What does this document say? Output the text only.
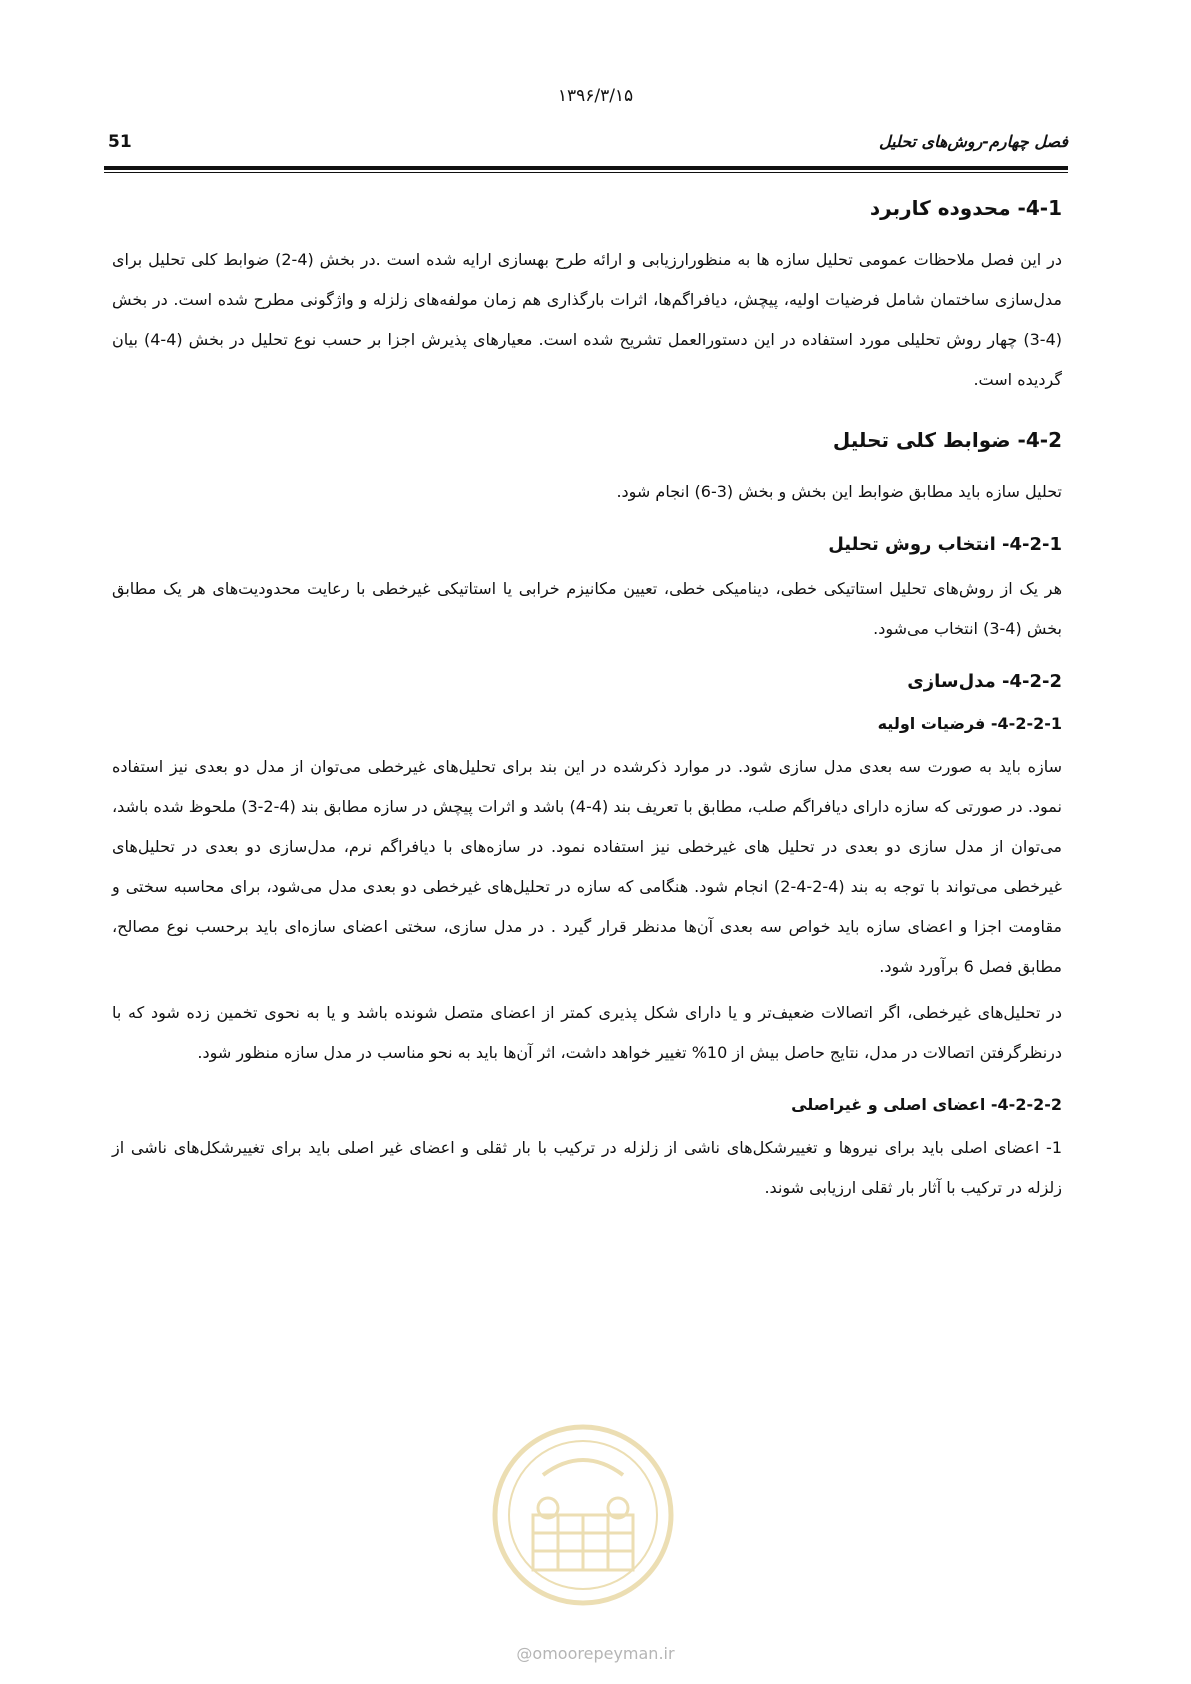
۱۳۹۶/۳/۱۵
51	فصل چهارم-روش‌های تحلیل
4-1- محدوده کاربرد

در این فصل ملاحظات عمومی تحلیل سازه ها به منظورارزیابی و ارائه طرح بهسازی ارایه شده است .در بخش (4-2) ضوابط کلی تحلیل برای مدل‌سازی ساختمان شامل فرضیات اولیه، پیچش، دیافراگم‌ها، اثرات بارگذاری هم زمان مولفه‌های زلزله و واژگونی مطرح شده است. در بخش (4-3) چهار روش تحلیلی مورد استفاده در این دستورالعمل تشریح شده است. معیارهای پذیرش اجزا بر حسب نوع تحلیل در بخش (4-4) بیان گردیده است.

4-2- ضوابط کلی تحلیل

تحلیل سازه باید مطابق ضوابط این بخش و بخش (3-6) انجام شود.

4-2-1- انتخاب روش تحلیل

هر یک از روش‌های تحلیل استاتیکی خطی، دینامیکی خطی، تعیین مکانیزم خرابی یا استاتیکی غیرخطی با رعایت محدودیت‌های هر یک مطابق بخش (4-3) انتخاب می‌شود.

4-2-2- مدل‌سازی
4-2-2-1- فرضیات اولیه

سازه باید به صورت سه بعدی مدل سازی شود. در موارد ذکرشده در این بند برای تحلیل‌های غیرخطی می‌توان از مدل دو بعدی نیز استفاده نمود. در صورتی که سازه دارای دیافراگم صلب، مطابق با تعریف بند (4-4) باشد و اثرات پیچش در سازه مطابق بند (4-2-3) ملحوظ شده باشد، می‌توان از مدل سازی دو بعدی در تحلیل های غیرخطی نیز استفاده نمود. در سازه‌های با دیافراگم نرم، مدل‌سازی دو بعدی در تحلیل‌های غیرخطی می‌تواند با توجه به بند (4-2-4-2) انجام شود. هنگامی که سازه در تحلیل‌های غیرخطی دو بعدی مدل می‌شود، برای محاسبه سختی و مقاومت اجزا و اعضای سازه باید خواص سه بعدی آن‌ها مدنظر قرار گیرد . در مدل سازی، سختی اعضای سازه‌ای باید برحسب نوع مصالح، مطابق فصل 6 برآورد شود.

در تحلیل‌های غیرخطی، اگر اتصالات ضعیف‌تر و یا دارای شکل پذیری کمتر از اعضای متصل شونده باشد و یا به نحوی تخمین زده شود که با درنظرگرفتن اتصالات در مدل، نتایج حاصل بیش از 10% تغییر خواهد داشت، اثر آن‌ها باید به نحو مناسب در مدل سازه منظور شود.

4-2-2-2- اعضای اصلی و غیراصلی
1- اعضای اصلی باید برای نیروها و تغییرشکل‌های ناشی از زلزله در ترکیب با بار ثقلی و اعضای غیر اصلی باید برای تغییرشکل‌های ناشی از زلزله در ترکیب با آثار بار ثقلی ارزیابی شوند.
@omoorepeyman.ir
